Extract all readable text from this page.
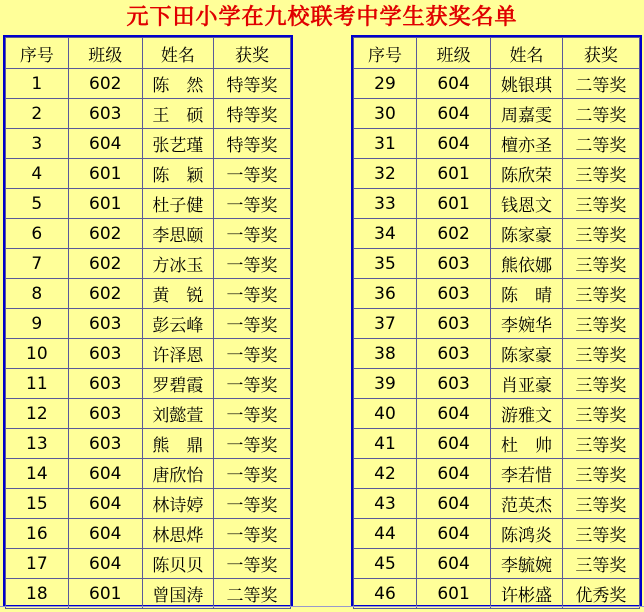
元下田小学在九校联考中学生获奖名单
序号	班级	姓名	获奖
1	602	陈　然	特等奖
2	603	王　硕	特等奖
3	604	张艺瑾	特等奖
4	601	陈　颖	一等奖
5	601	杜子健	一等奖
6	602	李思颐	一等奖
7	602	方冰玉	一等奖
8	602	黄　锐	一等奖
9	603	彭云峰	一等奖
10	603	许泽恩	一等奖
11	603	罗碧霞	一等奖
12	603	刘懿萱	一等奖
13	603	熊　鼎	一等奖
14	604	唐欣怡	一等奖
15	604	林诗婷	一等奖
16	604	林思烨	一等奖
17	604	陈贝贝	一等奖
18	601	曾国涛	二等奖
序号	班级	姓名	获奖
29	604	姚银琪	二等奖
30	604	周嘉雯	二等奖
31	604	檀亦圣	二等奖
32	601	陈欣荣	三等奖
33	601	钱恩文	三等奖
34	602	陈家豪	三等奖
35	603	熊依娜	三等奖
36	603	陈　晴	三等奖
37	603	李婉华	三等奖
38	603	陈家豪	三等奖
39	603	肖亚豪	三等奖
40	604	游雅文	三等奖
41	604	杜　帅	三等奖
42	604	李若惜	三等奖
43	604	范英杰	三等奖
44	604	陈鸿炎	三等奖
45	604	李毓婉	三等奖
46	601	许彬盛	优秀奖
